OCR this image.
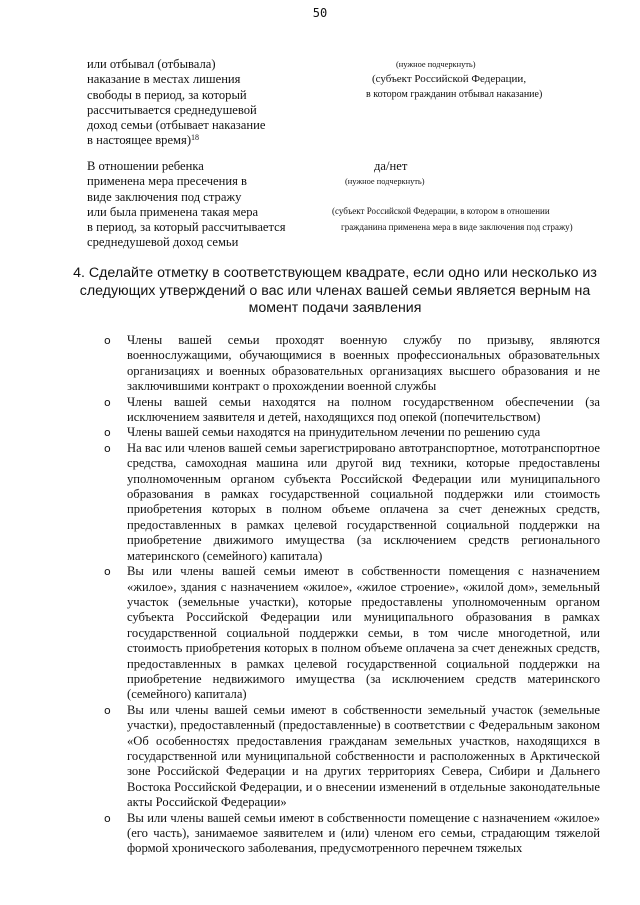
50
или отбывал (отбывала)
наказание в местах лишения
свободы в период, за который
рассчитывается среднедушевой
доход семьи (отбывает наказание
в настоящее время)$^{18}$
(нужное подчеркнуть)
(субъект Российской Федерации,
в котором гражданин отбывал наказание)
В отношении ребенка
применена мера пресечения в
виде заключения под стражу
или была применена такая мера
в период, за который рассчитывается
среднедушевой доход семьи
да/нет
(нужное подчеркнуть)
(субъект Российской Федерации, в котором в отношении
гражданина применена мера в виде заключения под стражу)
4. Сделайте отметку в соответствующем квадрате, если одно или несколько из следующих утверждений о вас или членах вашей семьи является верным на момент подачи заявления
o Члены вашей семьи проходят военную службу по призыву, являются военнослужащими, обучающимися в военных профессиональных образовательных организациях и военных образовательных организациях высшего образования и не заключившими контракт о прохождении военной службы
o Члены вашей семьи находятся на полном государственном обеспечении (за исключением заявителя и детей, находящихся под опекой (попечительством)
o Члены вашей семьи находятся на принудительном лечении по решению суда
o На вас или членов вашей семьи зарегистрировано автотранспортное, мототранспортное средства, самоходная машина или другой вид техники, которые предоставлены уполномоченным органом субъекта Российской Федерации или муниципального образования в рамках государственной социальной поддержки или стоимость приобретения которых в полном объеме оплачена за счет денежных средств, предоставленных в рамках целевой государственной социальной поддержки на приобретение движимого имущества (за исключением средств регионального материнского (семейного) капитала)
o Вы или члены вашей семьи имеют в собственности помещения с назначением «жилое», здания с назначением «жилое», «жилое строение», «жилой дом», земельный участок (земельные участки), которые предоставлены уполномоченным органом субъекта Российской Федерации или муниципального образования в рамках государственной социальной поддержки семьи, в том числе многодетной, или стоимость приобретения которых в полном объеме оплачена за счет денежных средств, предоставленных в рамках целевой государственной социальной поддержки на приобретение недвижимого имущества (за исключением средств материнского (семейного) капитала)
o Вы или члены вашей семьи имеют в собственности земельный участок (земельные участки), предоставленный (предоставленные) в соответствии с Федеральным законом «Об особенностях предоставления гражданам земельных участков, находящихся в государственной или муниципальной собственности и расположенных в Арктической зоне Российской Федерации и на других территориях Севера, Сибири и Дальнего Востока Российской Федерации, и о внесении изменений в отдельные законодательные акты Российской Федерации»
o Вы или члены вашей семьи имеют в собственности помещение с назначением «жилое» (его часть), занимаемое заявителем и (или) членом его семьи, страдающим тяжелой формой хронического заболевания, предусмотренного перечнем тяжелых
